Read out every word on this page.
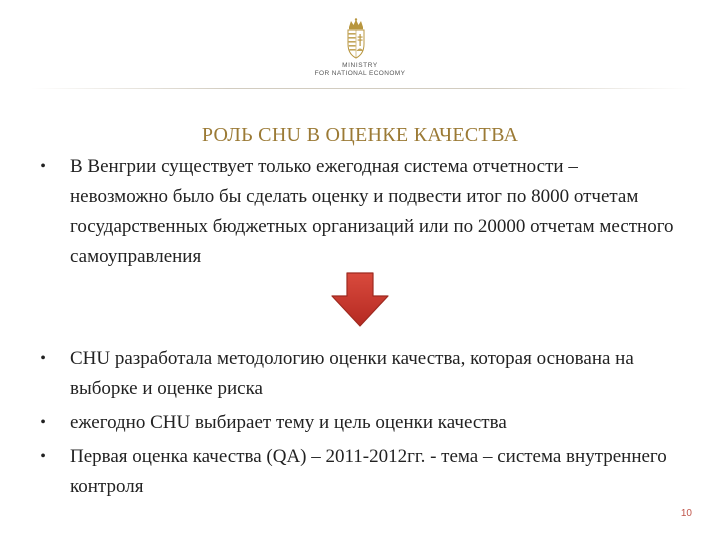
MINISTRY
FOR NATIONAL ECONOMY
РОЛЬ CHU В ОЦЕНКЕ КАЧЕСТВА
• В Венгрии существует только ежегодная система отчетности – невозможно было бы сделать оценку и подвести итог по 8000 отчетам государственных бюджетных организаций или по 20000 отчетам местного самоуправления
• CHU разработала методологию оценки качества, которая основана на выборке и оценке риска
• ежегодно CHU выбирает тему и цель оценки качества
• Первая оценка качества (QA) – 2011-2012гг. - тема – система внутреннего контроля
10
